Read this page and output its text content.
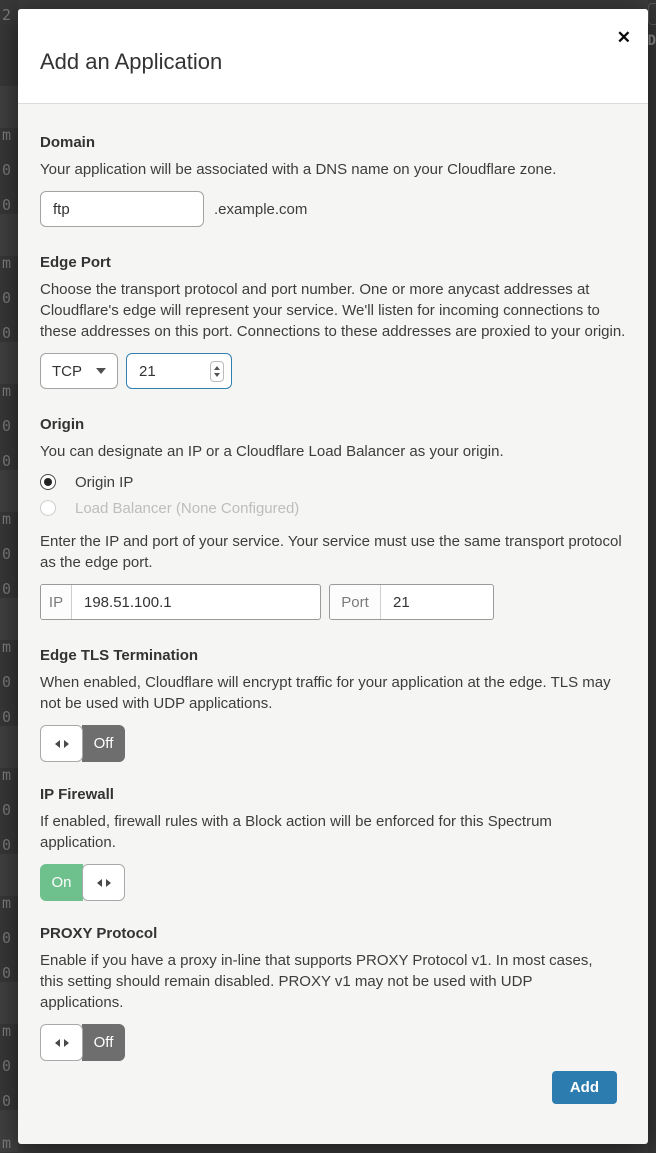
2
m
0
0
m
0
0
m
0
0
m
0
0
m
0
0
m
0
0
m
0
0
m
0
0
m
D
Add an Application
✕
Domain
Your application will be associated with a DNS name on your Cloudflare zone.
ftp
.example.com
Edge Port
Choose the transport protocol and port number. One or more anycast addresses at Cloudflare's edge will represent your service. We'll listen for incoming connections to these addresses on this port. Connections to these addresses are proxied to your origin.
TCP
21
Origin
You can designate an IP or a Cloudflare Load Balancer as your origin.
Origin IP
Load Balancer (None Configured)
Enter the IP and port of your service. Your service must use the same transport protocol as the edge port.
IP
198.51.100.1	Port
21
Edge TLS Termination
When enabled, Cloudflare will encrypt traffic for your application at the edge. TLS may not be used with UDP applications.
Off
IP Firewall
If enabled, firewall rules with a Block action will be enforced for this Spectrum application.
On
PROXY Protocol
Enable if you have a proxy in-line that supports PROXY Protocol v1. In most cases, this setting should remain disabled. PROXY v1 may not be used with UDP applications.
Off
Add
